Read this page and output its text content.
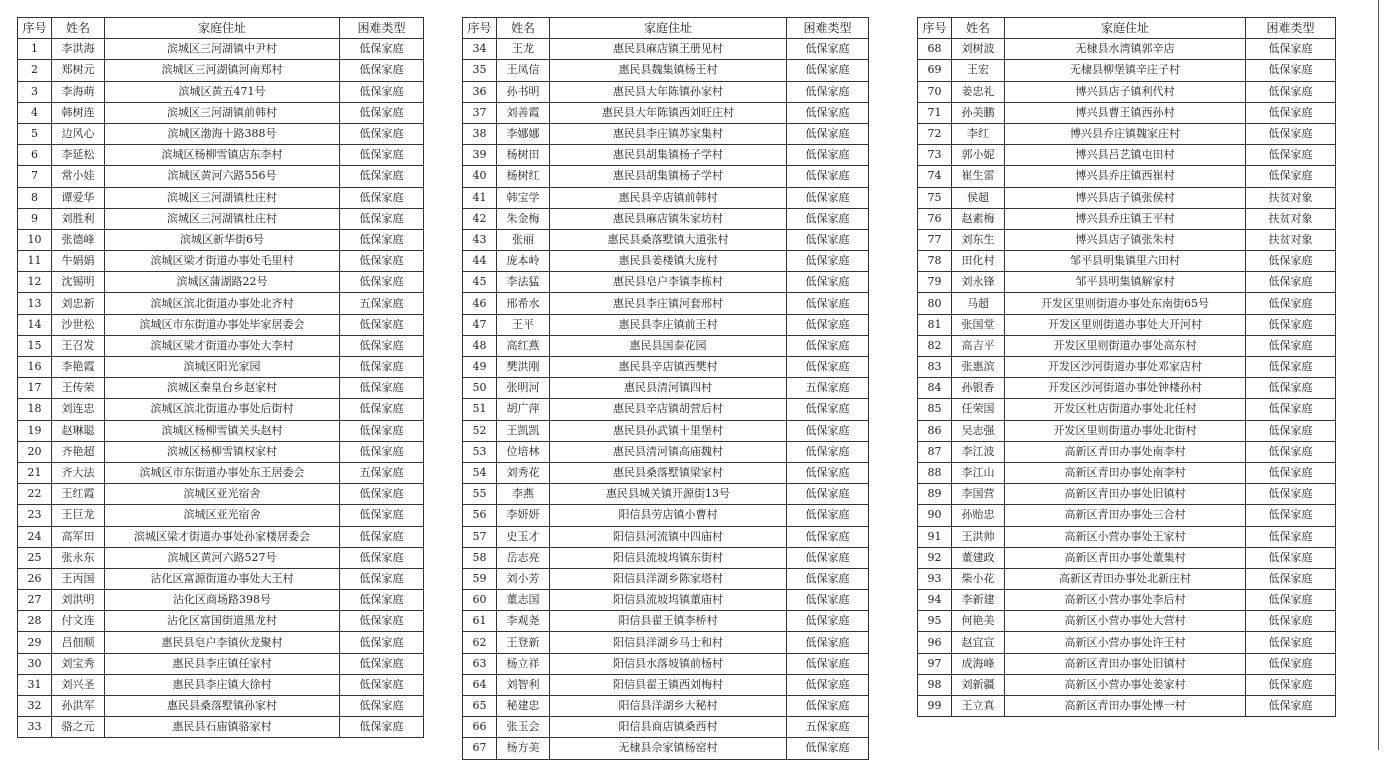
序号	姓名	家庭住址	困难类型
1	李洪海	滨城区三河湖镇中尹村	低保家庭
2	郑树元	滨城区三河湖镇河南郑村	低保家庭
3	李海萌	滨城区黄五471号	低保家庭
4	韩树连	滨城区三河湖镇前韩村	低保家庭
5	边风心	滨城区渤海十路388号	低保家庭
6	李延松	滨城区杨柳雪镇店东李村	低保家庭
7	常小娃	滨城区黄河六路556号	低保家庭
8	谭爱华	滨城区三河湖镇杜庄村	低保家庭
9	刘胜利	滨城区三河湖镇杜庄村	低保家庭
10	张德峰	滨城区新华街6号	低保家庭
11	牛娟娟	滨城区梁才街道办事处毛里村	低保家庭
12	沈锡明	滨城区蒲湖路22号	低保家庭
13	刘忠新	滨城区滨北街道办事处北齐村	五保家庭
14	沙世松	滨城区市东街道办事处毕家居委会	低保家庭
15	王召发	滨城区梁才街道办事处大李村	低保家庭
16	李艳霞	滨城区阳光家园	低保家庭
17	王传荣	滨城区秦皇台乡赵家村	低保家庭
18	刘连忠	滨城区滨北街道办事处后街村	低保家庭
19	赵琳聪	滨城区杨柳雪镇关头赵村	低保家庭
20	齐艳超	滨城区杨柳雪镇权家村	低保家庭
21	齐大法	滨城区市东街道办事处东王居委会	五保家庭
22	王红霞	滨城区亚光宿舍	低保家庭
23	王巨龙	滨城区亚光宿舍	低保家庭
24	高军田	滨城区梁才街道办事处孙家楼居委会	低保家庭
25	张永东	滨城区黄河六路527号	低保家庭
26	王丙国	沾化区富源街道办事处大王村	低保家庭
27	刘洪明	沾化区商场路398号	低保家庭
28	付文连	沾化区富国街道黑龙村	低保家庭
29	吕佃顺	惠民县皂户李镇伙龙聚村	低保家庭
30	刘宝秀	惠民县李庄镇任家村	低保家庭
31	刘兴圣	惠民县李庄镇大徐村	低保家庭
32	孙洪军	惠民县桑落墅镇孙家村	低保家庭
33	骆之元	惠民县石庙镇骆家村	低保家庭
序号	姓名	家庭住址	困难类型
34	王龙	惠民县麻店镇王册见村	低保家庭
35	王凤信	惠民县魏集镇杨王村	低保家庭
36	孙书明	惠民县大年陈镇孙家村	低保家庭
37	刘善霞	惠民县大年陈镇西刘旺庄村	低保家庭
38	李娜娜	惠民县李庄镇苏家集村	低保家庭
39	杨树田	惠民县胡集镇杨子学村	低保家庭
40	杨树红	惠民县胡集镇杨子学村	低保家庭
41	韩宝学	惠民县辛店镇前韩村	低保家庭
42	朱金梅	惠民县麻店镇朱家坊村	低保家庭
43	张丽	惠民县桑落墅镇大道张村	低保家庭
44	庞本岭	惠民县姜楼镇大庞村	低保家庭
45	李法猛	惠民县皂户李镇李栋村	低保家庭
46	邢希水	惠民县李庄镇河套邢村	低保家庭
47	王平	惠民县李庄镇前王村	低保家庭
48	高红燕	惠民县国泰花园	低保家庭
49	樊洪刚	惠民县辛店镇西樊村	低保家庭
50	张明河	惠民县清河镇四村	五保家庭
51	胡广萍	惠民县辛店镇胡营后村	低保家庭
52	王凯凯	惠民县孙武镇十里堡村	低保家庭
53	位培林	惠民县清河镇高庙魏村	低保家庭
54	刘秀花	惠民县桑落墅镇梁家村	低保家庭
55	李燕	惠民县城关镇开源街13号	低保家庭
56	李妍妍	阳信县劳店镇小曹村	低保家庭
57	史玉才	阳信县河流镇中四庙村	低保家庭
58	岳志亮	阳信县流坡坞镇东街村	低保家庭
59	刘小芳	阳信县洋湖乡陈家塔村	低保家庭
60	董志国	阳信县流坡坞镇董庙村	低保家庭
61	李观尧	阳信县翟王镇李桥村	低保家庭
62	王登新	阳信县洋湖乡马士和村	低保家庭
63	杨立祥	阳信县水落坡镇前杨村	低保家庭
64	刘智利	阳信县翟王镇西刘梅村	低保家庭
65	秘建忠	阳信县洋湖乡大秘村	低保家庭
66	张玉会	阳信县商店镇桑西村	五保家庭
67	杨方美	无棣县佘家镇杨窑村	低保家庭
序号	姓名	家庭住址	困难类型
68	刘树波	无棣县水湾镇郭辛店	低保家庭
69	王宏	无棣县柳堡镇辛庄子村	低保家庭
70	姜忠礼	博兴县店子镇利代村	低保家庭
71	孙美鹏	博兴县曹王镇西孙村	低保家庭
72	李红	博兴县乔庄镇魏家庄村	低保家庭
73	郭小妮	博兴县吕艺镇屯田村	低保家庭
74	崔生雷	博兴县乔庄镇西崔村	低保家庭
75	侯超	博兴县店子镇张侯村	扶贫对象
76	赵素梅	博兴县乔庄镇王平村	扶贫对象
77	刘东生	博兴县店子镇张朱村	扶贫对象
78	田化村	邹平县明集镇里六田村	低保家庭
79	刘永锋	邹平县明集镇解家村	低保家庭
80	马超	开发区里则街道办事处东南街65号	低保家庭
81	张国堂	开发区里则街道办事处大开河村	低保家庭
82	高吉平	开发区里则街道办事处高东村	低保家庭
83	张惠滨	开发区沙河街道办事处邓家店村	低保家庭
84	孙银香	开发区沙河街道办事处钟楼孙村	低保家庭
85	任荣国	开发区杜店街道办事处北任村	低保家庭
86	吴志强	开发区里则街道办事处北街村	低保家庭
87	李江波	高新区青田办事处南李村	低保家庭
88	李江山	高新区青田办事处南李村	低保家庭
89	李国营	高新区青田办事处旧镇村	低保家庭
90	孙贻忠	高新区青田办事处三合村	低保家庭
91	王洪帅	高新区小营办事处王家村	低保家庭
92	董建政	高新区青田办事处董集村	低保家庭
93	柴小花	高新区青田办事处北新庄村	低保家庭
94	李新建	高新区小营办事处李后村	低保家庭
95	何艳美	高新区小营办事处大营村	低保家庭
96	赵宜宣	高新区小营办事处许王村	低保家庭
97	成海峰	高新区青田办事处旧镇村	低保家庭
98	刘新疆	高新区小营办事处姜家村	低保家庭
99	王立真	高新区青田办事处博一村	低保家庭
